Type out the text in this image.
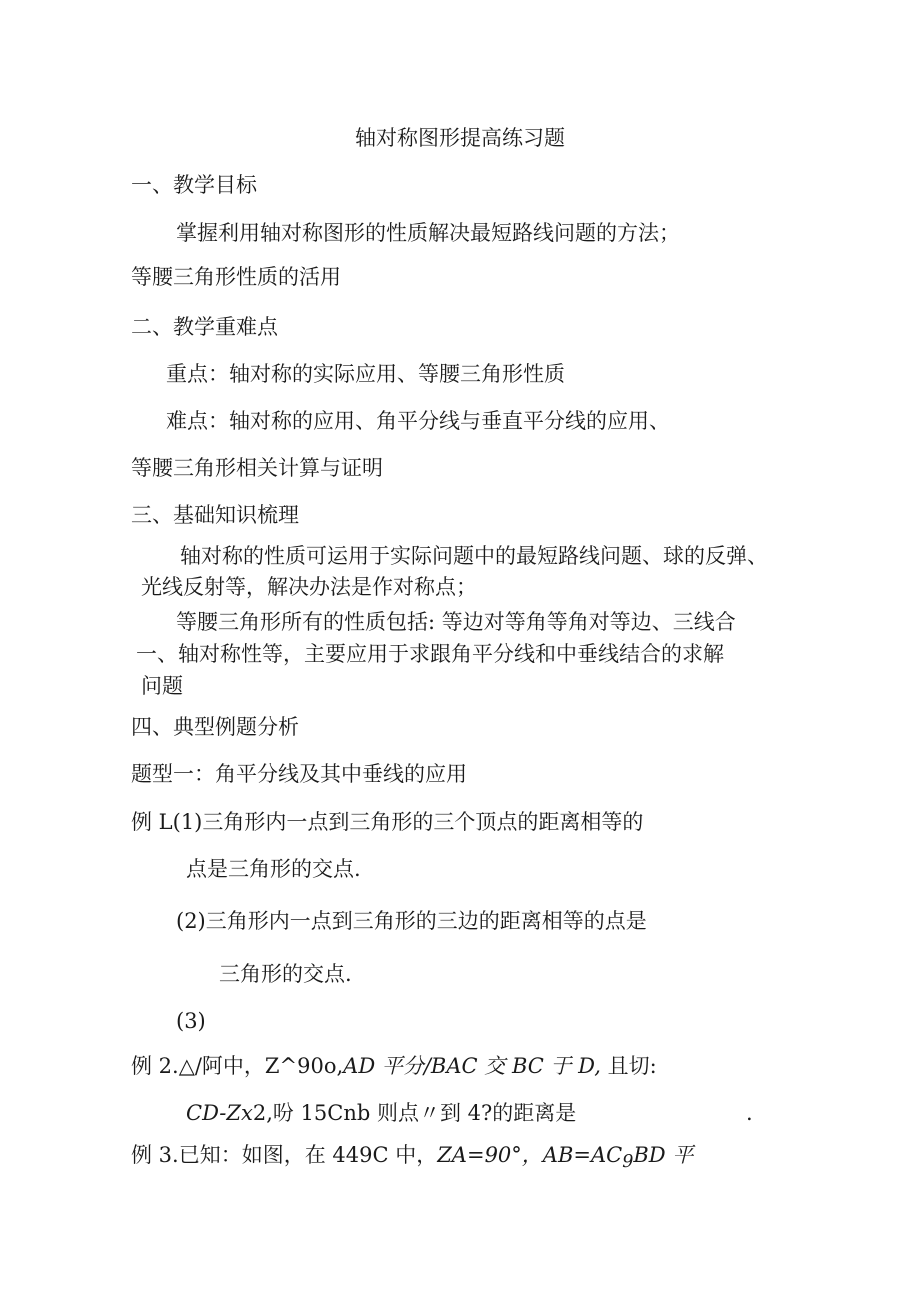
轴对称图形提高练习题
一、教学目标
掌握利用轴对称图形的性质解决最短路线问题的方法；
等腰三角形性质的活用
二、教学重难点
重点：轴对称的实际应用、等腰三角形性质
难点：轴对称的应用、角平分线与垂直平分线的应用、
等腰三角形相关计算与证明
三、基础知识梳理
轴对称的性质可运用于实际问题中的最短路线问题、球的反弹、
光线反射等，解决办法是作对称点；
等腰三角形所有的性质包括: 等边对等角等角对等边、三线合
一、轴对称性等，主要应用于求跟角平分线和中垂线结合的求解
问题
四、典型例题分析
题型一：角平分线及其中垂线的应用
例 L(1)三角形内一点到三角形的三个顶点的距离相等的
点是三角形的交点.
(2)三角形内一点到三角形的三边的距离相等的点是
三角形的交点.
(3)
例 2.△/阿中，Z^90o,AD 平分/BAC 交 BC 于 D, 且切:
CD-Zx2,吩 15Cnb 则点〃到 4?的距离是	.
例 3.已知：如图，在 449C 中，ZA=90°，$AB=AC_9BD$ 平
